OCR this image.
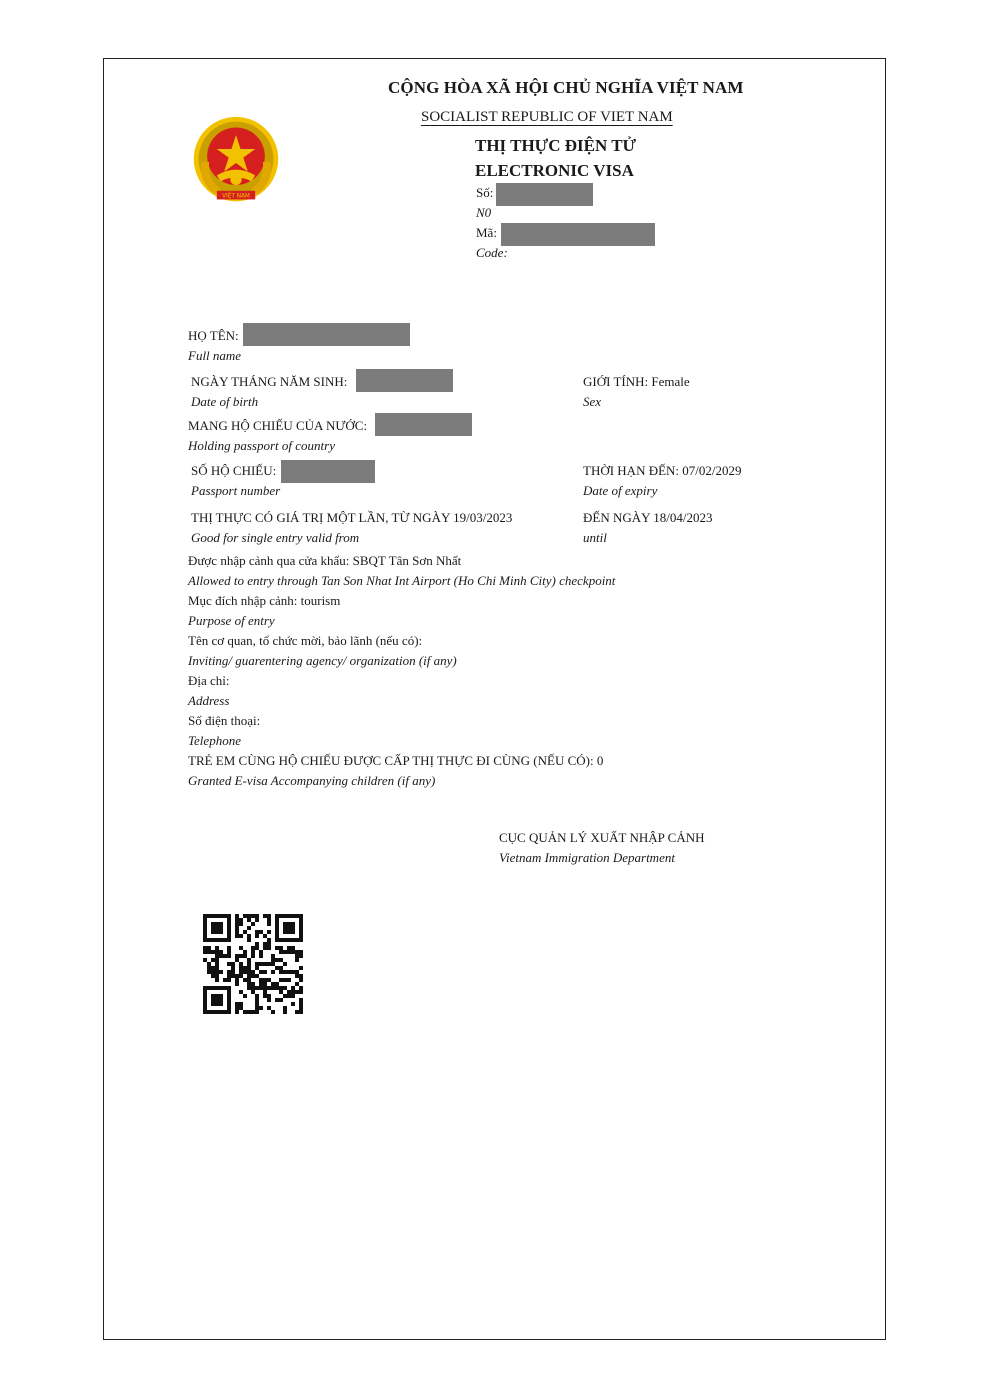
VIỆT NAM
CỘNG HÒA XÃ HỘI CHỦ NGHĨA VIỆT NAM
SOCIALIST REPUBLIC OF VIET NAM
THỊ THỰC ĐIỆN TỬ
ELECTRONIC VISA
Số:
N0
Mã:
Code:
HỌ TÊN:
Full name
NGÀY THÁNG NĂM SINH:
Date of birth
GIỚI TÍNH: Female
Sex
MANG HỘ CHIẾU CỦA NƯỚC:
Holding passport of country
SỐ HỘ CHIẾU:
Passport number
THỜI HẠN ĐẾN: 07/02/2029
Date of expiry
THỊ THỰC CÓ GIÁ TRỊ MỘT LẦN, TỪ NGÀY 19/03/2023
Good for single entry valid from
ĐẾN NGÀY 18/04/2023
until
Được nhập cảnh qua cửa khẩu: SBQT Tân Sơn Nhất
Allowed to entry through Tan Son Nhat Int Airport (Ho Chi Minh City) checkpoint
Mục đích nhập cảnh: tourism
Purpose of entry
Tên cơ quan, tổ chức mời, bảo lãnh (nếu có):
Inviting/ guarentering agency/ organization (if any)
Địa chỉ:
Address
Số điện thoại:
Telephone
TRẺ EM CÙNG HỘ CHIẾU ĐƯỢC CẤP THỊ THỰC ĐI CÙNG (NẾU CÓ): 0
Granted E-visa Accompanying children (if any)
CỤC QUẢN LÝ XUẤT NHẬP CẢNH
Vietnam Immigration Department
